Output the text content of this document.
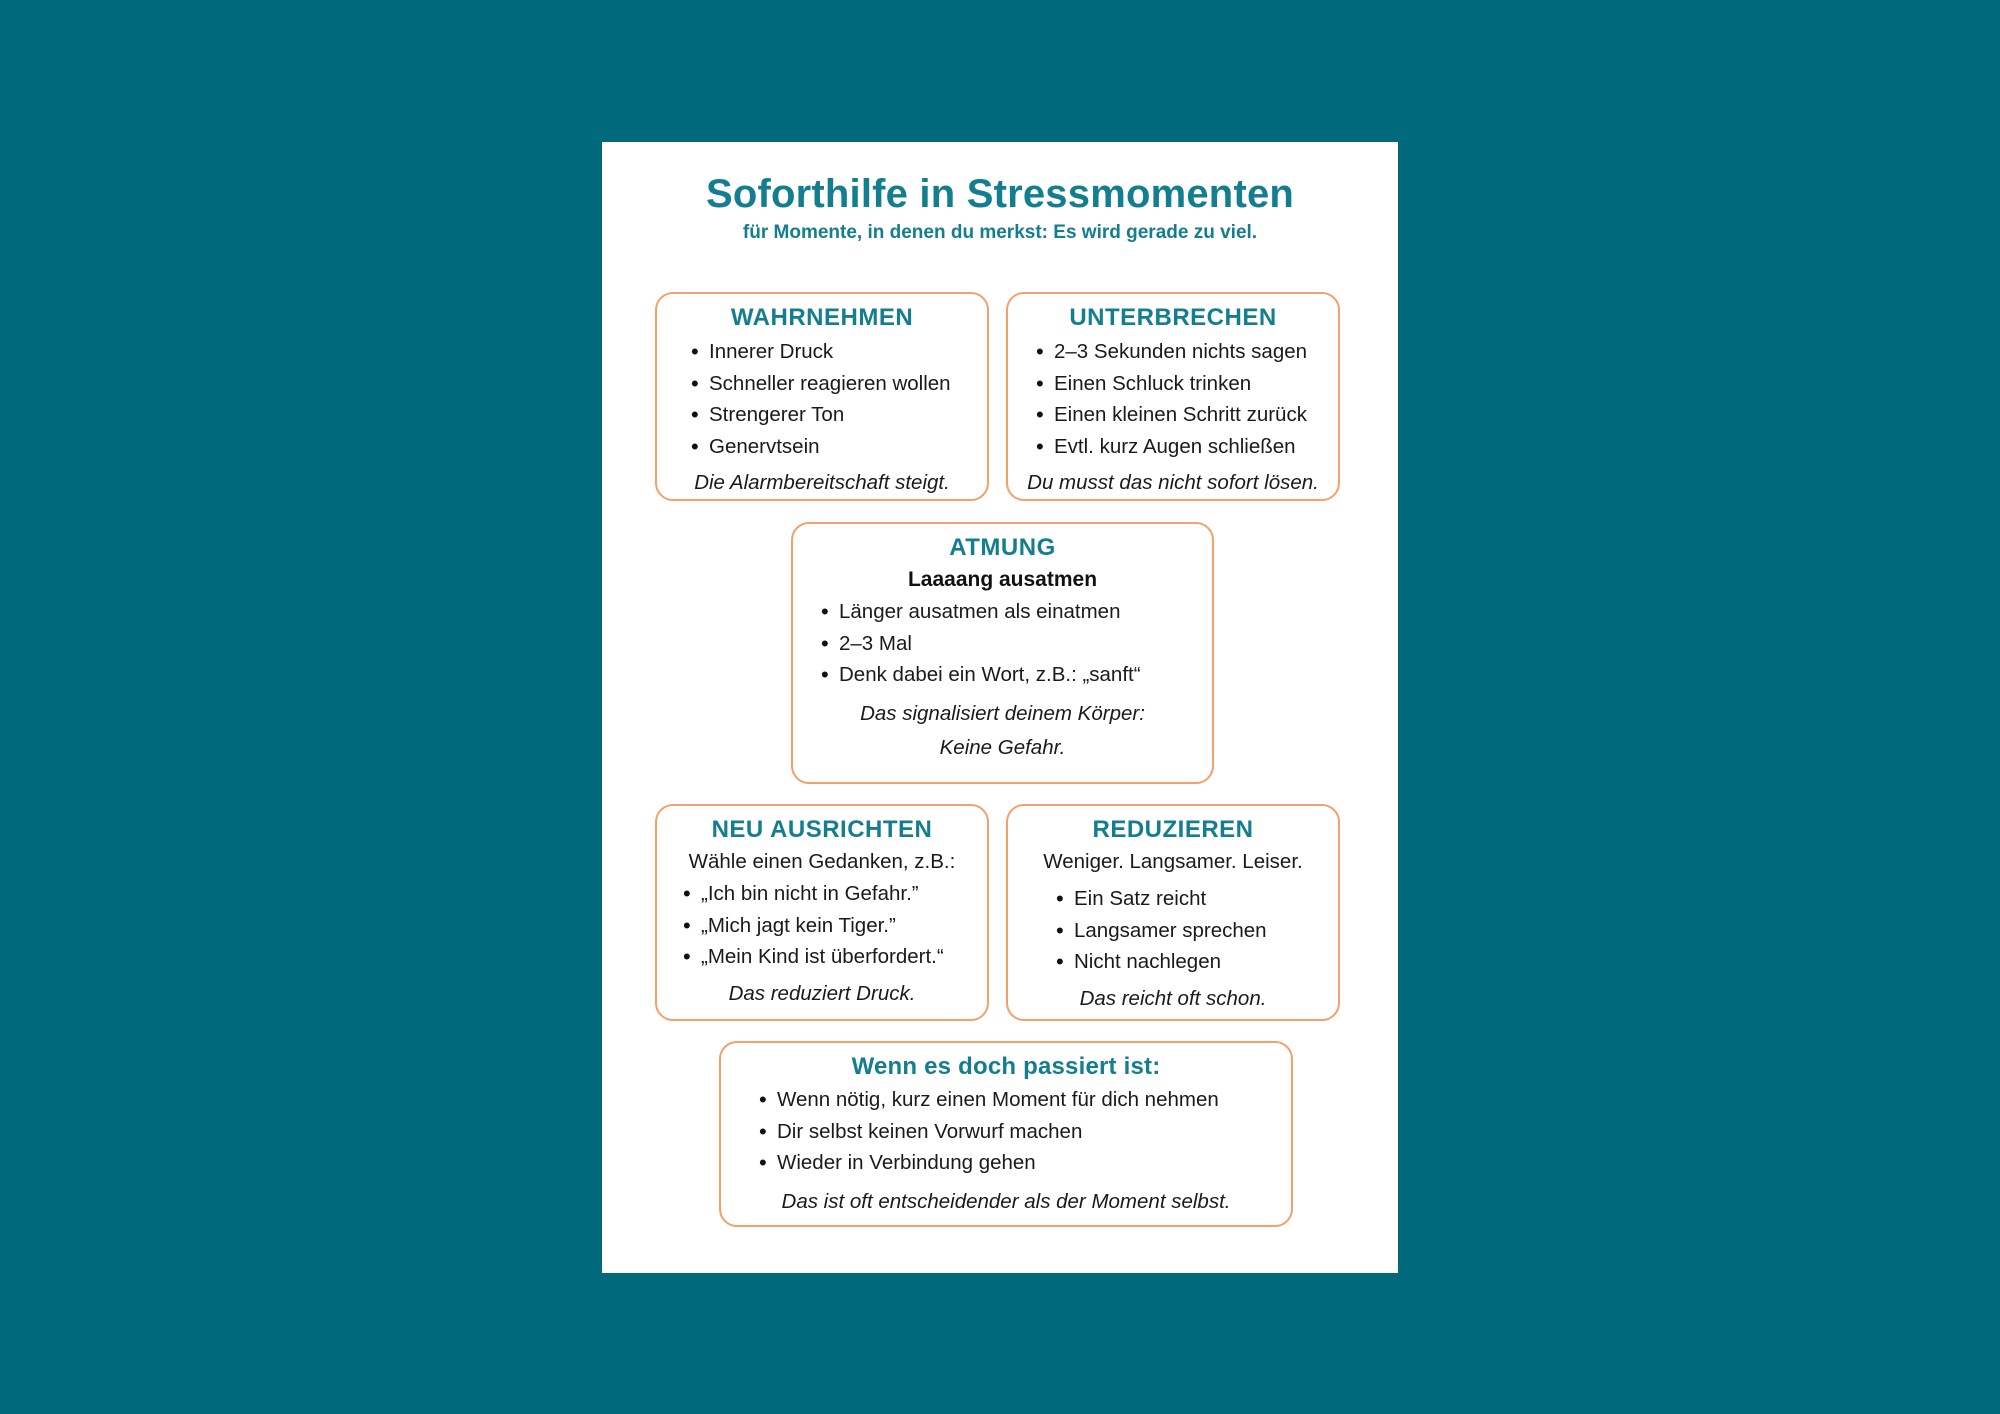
Soforthilfe in Stressmomenten
für Momente, in denen du merkst: Es wird gerade zu viel.
WAHRNEHMEN
• Innerer Druck
• Schneller reagieren wollen
• Strengerer Ton
• Genervtsein
Die Alarmbereitschaft steigt.
UNTERBRECHEN
• 2–3 Sekunden nichts sagen
• Einen Schluck trinken
• Einen kleinen Schritt zurück
• Evtl. kurz Augen schließen
Du musst das nicht sofort lösen.
ATMUNG
Laaaang ausatmen
• Länger ausatmen als einatmen
• 2–3 Mal
• Denk dabei ein Wort, z.B.: „sanft“
Das signalisiert deinem Körper:
Keine Gefahr.
NEU AUSRICHTEN
Wähle einen Gedanken, z.B.:
• „Ich bin nicht in Gefahr.”
• „Mich jagt kein Tiger.”
• „Mein Kind ist überfordert.“
Das reduziert Druck.
REDUZIEREN
Weniger. Langsamer. Leiser.
• Ein Satz reicht
• Langsamer sprechen
• Nicht nachlegen
Das reicht oft schon.
Wenn es doch passiert ist:
• Wenn nötig, kurz einen Moment für dich nehmen
• Dir selbst keinen Vorwurf machen
• Wieder in Verbindung gehen
Das ist oft entscheidender als der Moment selbst.
